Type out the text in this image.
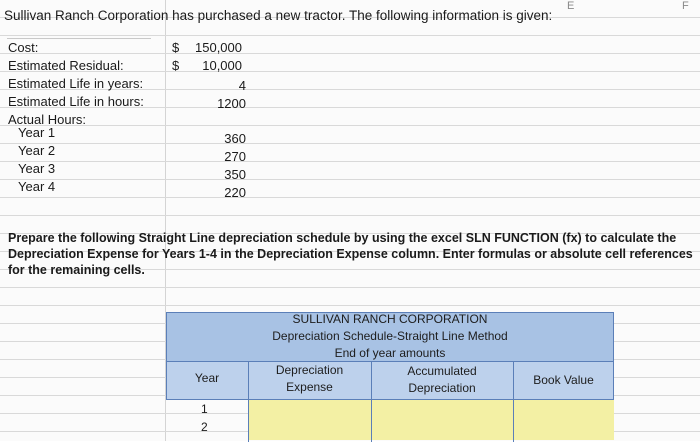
E	F
Sullivan Ranch Corporation has purchased a new tractor. The following information is given:
Cost:
Estimated Residual:
Estimated Life in years:
Estimated Life in hours:
Actual Hours:
$
$
150,000
10,000
4
1200
Year 1
Year 2
Year 3
Year 4
360
270
350
220
Prepare the following Straight Line depreciation schedule by using the excel SLN FUNCTION (fx) to calculate the Depreciation Expense for Years 1-4 in the Depreciation Expense column. Enter formulas or absolute cell references for the remaining cells.
SULLIVAN RANCH CORPORATION
Depreciation Schedule-Straight Line Method
End of year amounts
Year
Depreciation
Expense
Accumulated
Depreciation
Book Value
1
2
